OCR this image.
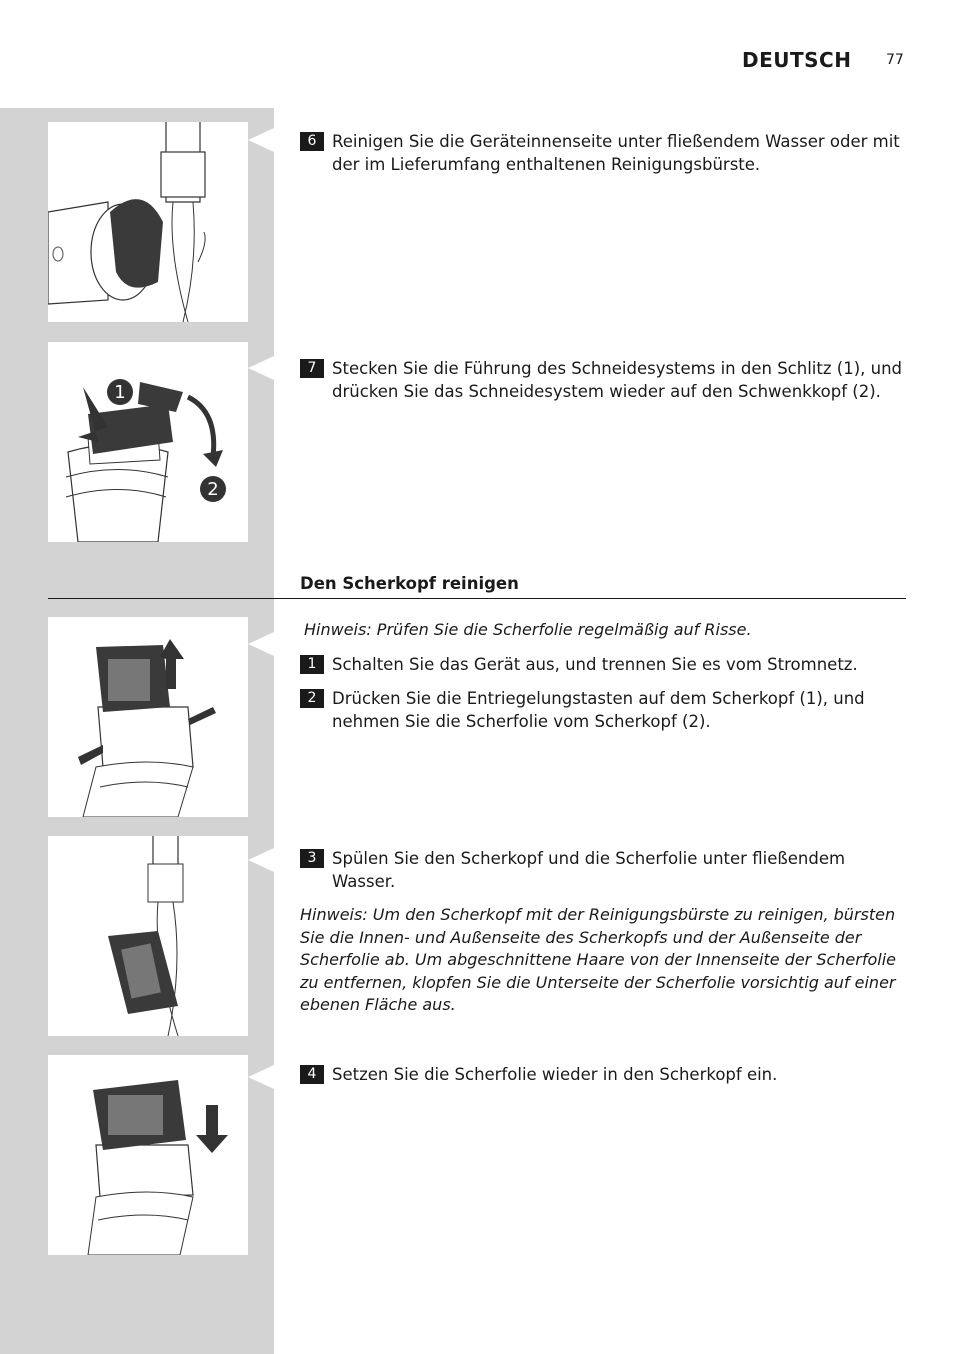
DEUTSCH 77
1
2
6 Reinigen Sie die Geräteinnenseite unter fließendem Wasser oder mit der im Lieferumfang enthaltenen Reinigungsbürste.
7 Stecken Sie die Führung des Schneidesystems in den Schlitz (1), und drücken Sie das Schneidesystem wieder auf den Schwenkkopf (2).
Den Scherkopf reinigen
Hinweis: Prüfen Sie die Scherfolie regelmäßig auf Risse.
1 Schalten Sie das Gerät aus, und trennen Sie es vom Stromnetz.
2 Drücken Sie die Entriegelungstasten auf dem Scherkopf (1), und nehmen Sie die Scherfolie vom Scherkopf (2).
3 Spülen Sie den Scherkopf und die Scherfolie unter fließendem Wasser.
Hinweis: Um den Scherkopf mit der Reinigungsbürste zu reinigen, bürsten Sie die Innen- und Außenseite des Scherkopfs und der Außenseite der Scherfolie ab. Um abgeschnittene Haare von der Innenseite der Scherfolie zu entfernen, klopfen Sie die Unterseite der Scherfolie vorsichtig auf einer ebenen Fläche aus.
4 Setzen Sie die Scherfolie wieder in den Scherkopf ein.
